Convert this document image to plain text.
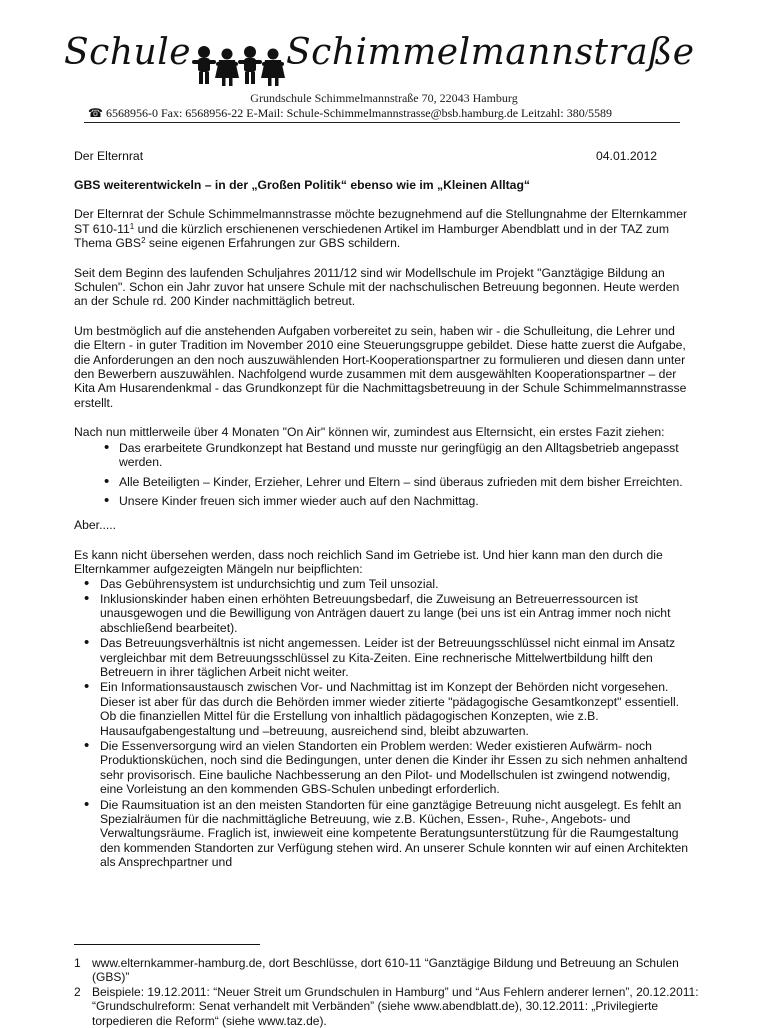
Schule	Schimmelmannstraße
Grundschule Schimmelmannstraße 70, 22043 Hamburg
☎ 6568956-0 Fax: 6568956-22 E-Mail: Schule-Schimmelmannstrasse@bsb.hamburg.de Leitzahl: 380/5589
Der Elternrat	04.01.2012

GBS weiterentwickeln – in der „Großen Politik“ ebenso wie im „Kleinen Alltag“

Der Elternrat der Schule Schimmelmannstrasse möchte bezugnehmend auf die Stellungnahme der Elternkammer ST $610-11^1$ und die kürzlich erschienenen verschiedenen Artikel im Hamburger Abendblatt und in der TAZ zum Thema GBS$^2$ seine eigenen Erfahrungen zur GBS schildern.

Seit dem Beginn des laufenden Schuljahres 2011/12 sind wir Modellschule im Projekt "Ganztägige Bildung an Schulen". Schon ein Jahr zuvor hat unsere Schule mit der nachschulischen Betreuung begonnen. Heute werden an der Schule rd. 200 Kinder nachmittäglich betreut.

Um bestmöglich auf die anstehenden Aufgaben vorbereitet zu sein, haben wir - die Schulleitung, die Lehrer und die Eltern - in guter Tradition im November 2010 eine Steuerungsgruppe gebildet. Diese hatte zuerst die Aufgabe, die Anforderungen an den noch auszuwählenden Hort-Kooperationspartner zu formulieren und diesen dann unter den Bewerbern auszuwählen. Nachfolgend wurde zusammen mit dem ausgewählten Kooperationspartner – der Kita Am Husarendenkmal - das Grundkonzept für die Nachmittagsbetreuung in der Schule Schimmelmannstrasse erstellt.

Nach nun mittlerweile über 4 Monaten "On Air" können wir, zumindest aus Elternsicht, ein erstes Fazit ziehen:

• Das erarbeitete Grundkonzept hat Bestand und musste nur geringfügig an den Alltagsbetrieb angepasst werden.
• Alle Beteiligten – Kinder, Erzieher, Lehrer und Eltern – sind überaus zufrieden mit dem bisher Erreichten.
• Unsere Kinder freuen sich immer wieder auch auf den Nachmittag.

Aber.....

Es kann nicht übersehen werden, dass noch reichlich Sand im Getriebe ist. Und hier kann man den durch die Elternkammer aufgezeigten Mängeln nur beipflichten:

• Das Gebührensystem ist undurchsichtig und zum Teil unsozial.
• Inklusionskinder haben einen erhöhten Betreuungsbedarf, die Zuweisung an Betreuerressourcen ist unausgewogen und die Bewilligung von Anträgen dauert zu lange (bei uns ist ein Antrag immer noch nicht abschließend bearbeitet).
• Das Betreuungsverhältnis ist nicht angemessen. Leider ist der Betreuungsschlüssel nicht einmal im Ansatz vergleichbar mit dem Betreuungsschlüssel zu Kita-Zeiten. Eine rechnerische Mittelwertbildung hilft den Betreuern in ihrer täglichen Arbeit nicht weiter.
• Ein Informationsaustausch zwischen Vor- und Nachmittag ist im Konzept der Behörden nicht vorgesehen. Dieser ist aber für das durch die Behörden immer wieder zitierte "pädagogische Gesamtkonzept" essentiell. Ob die finanziellen Mittel für die Erstellung von inhaltlich pädagogischen Konzepten, wie z.B. Hausaufgabengestaltung und –betreuung, ausreichend sind, bleibt abzuwarten.
• Die Essenversorgung wird an vielen Standorten ein Problem werden: Weder existieren Aufwärm- noch Produktionsküchen, noch sind die Bedingungen, unter denen die Kinder ihr Essen zu sich nehmen anhaltend sehr provisorisch. Eine bauliche Nachbesserung an den Pilot- und Modellschulen ist zwingend notwendig, eine Vorleistung an den kommenden GBS-Schulen unbedingt erforderlich.
• Die Raumsituation ist an den meisten Standorten für eine ganztägige Betreuung nicht ausgelegt. Es fehlt an Spezialräumen für die nachmittägliche Betreuung, wie z.B. Küchen, Essen-, Ruhe-, Angebots- und Verwaltungsräume. Fraglich ist, inwieweit eine kompetente Beratungsunterstützung für die Raumgestaltung den kommenden Standorten zur Verfügung stehen wird. An unserer Schule konnten wir auf einen Architekten als Ansprechpartner und
1 www.elternkammer-hamburg.de, dort Beschlüsse, dort 610-11 “Ganztägige Bildung und Betreuung an Schulen (GBS)”
2 Beispiele: 19.12.2011: “Neuer Streit um Grundschulen in Hamburg” und “Aus Fehlern anderer lernen”, 20.12.2011: “Grundschulreform: Senat verhandelt mit Verbänden” (siehe www.abendblatt.de), 30.12.2011: „Privilegierte torpedieren die Reform“ (siehe www.taz.de).
